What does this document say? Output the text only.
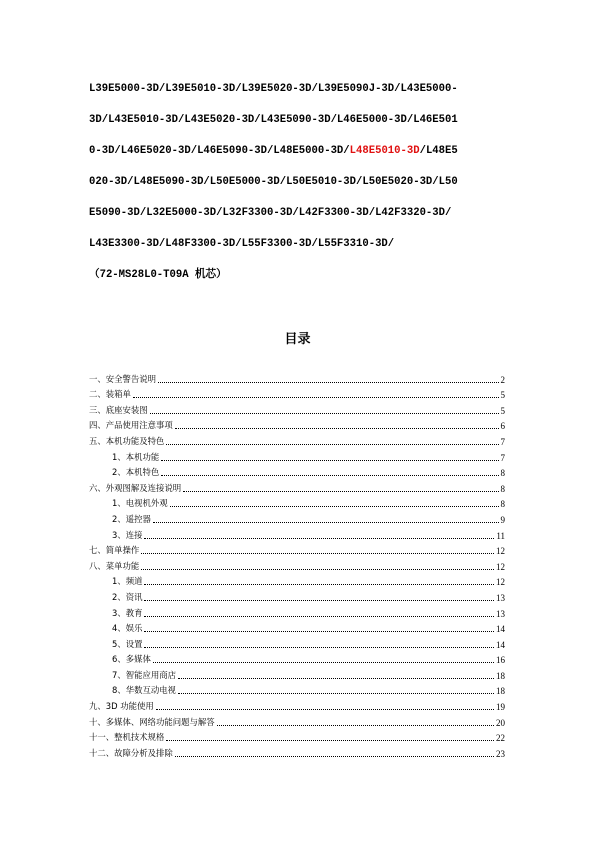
L39E5000-3D/L39E5010-3D/L39E5020-3D/L39E5090J-3D/L43E5000-
3D/L43E5010-3D/L43E5020-3D/L43E5090-3D/L46E5000-3D/L46E501
0-3D/L46E5020-3D/L46E5090-3D/L48E5000-3D/L48E5010-3D/L48E5
020-3D/L48E5090-3D/L50E5000-3D/L50E5010-3D/L50E5020-3D/L50
E5090-3D/L32E5000-3D/L32F3300-3D/L42F3300-3D/L42F3320-3D/
L43E3300-3D/L48F3300-3D/L55F3300-3D/L55F3310-3D/
（72-MS28L0-T09A 机芯）
目录
一、安全警告说明	2
二、装箱单	5
三、底座安装图	5
四、产品使用注意事项	6
五、本机功能及特色	7
1、本机功能	7
2、本机特色	8
六、外观图解及连接说明	8
1、电视机外观	8
2、遥控器	9
3、连接	11
七、简单操作	12
八、菜单功能	12
1、频道	12
2、资讯	13
3、教育	13
4、娱乐	14
5、设置	14
6、多媒体	16
7、智能应用商店	18
8、华数互动电视	18
九、3D 功能使用	19
十、多媒体、网络功能问题与解答	20
十一、整机技术规格	22
十二、故障分析及排除	23
